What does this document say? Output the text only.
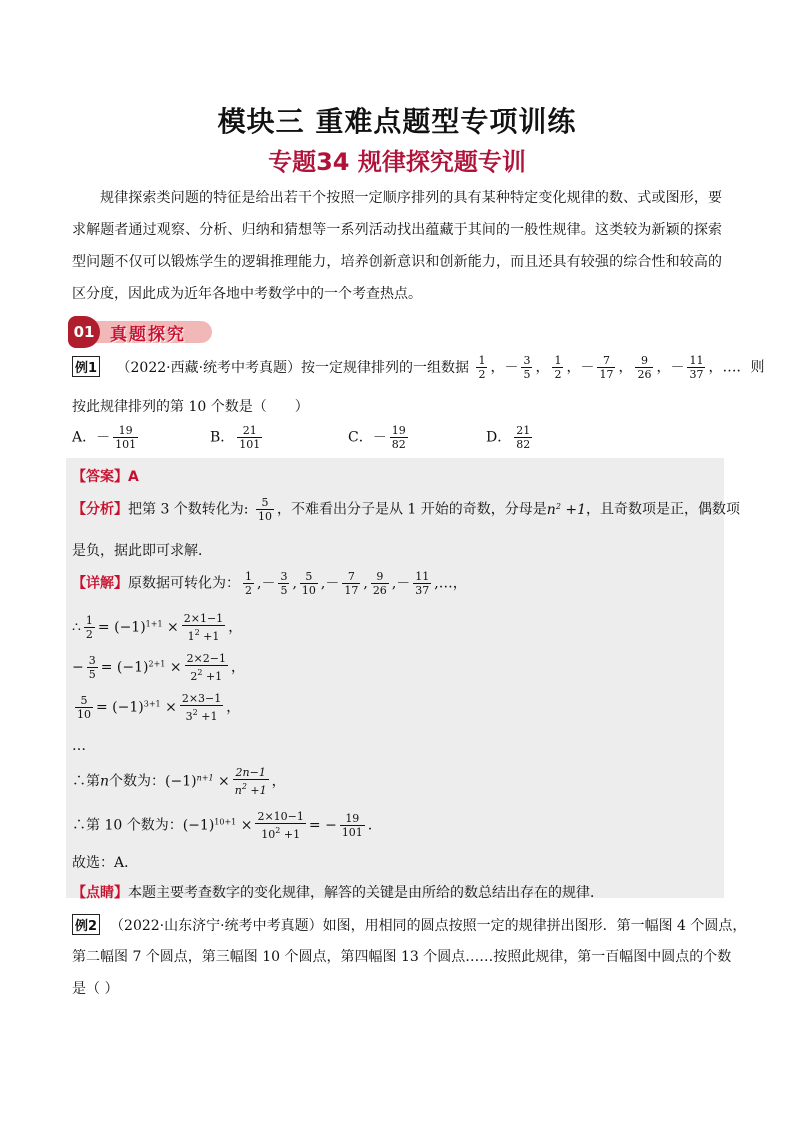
模块三 重难点题型专项训练
专题34 规律探究题专训
规律探索类问题的特征是给出若干个按照一定顺序排列的具有某种特定变化规律的数、式或图形，要求解题者通过观察、分析、归纳和猜想等一系列活动找出蕴藏于其间的一般性规律。这类较为新颖的探索型问题不仅可以锻炼学生的逻辑推理能力，培养创新意识和创新能力，而且还具有较强的综合性和较高的区分度，因此成为近年各地中考数学中的一个考查热点。
01 真题探究
例1 （2022·西藏·统考中考真题）按一定规律排列的一组数据 $\frac{1}{2}$ ，－ $\frac{3}{5}$ ， $\frac{1}{2}$ ，－ $\frac{7}{17}$ ， $\frac{9}{26}$ ，－ $\frac{11}{37}$ ，…．则
按此规律排列的第 10 个数是（　　）
A．－ $\frac{19}{101}$	B． $\frac{21}{101}$	C．－ $\frac{19}{82}$	D． $\frac{21}{82}$
【答案】A
【分析】把第 3 个数转化为: $\frac{5}{10}$ ，不难看出分子是从 1 开始的奇数，分母是$n^2 +1$，且奇数项是正，偶数项
是负，据此即可求解．
【详解】原数据可转化为： $\frac{1}{2}$ ,－ $\frac{3}{5}$ , $\frac{5}{10}$ ,－ $\frac{7}{17}$ , $\frac{9}{26}$ ,－ $\frac{11}{37}$ ,…，
∴ $\frac{1}{2} = (-1)^{1+1} \times \frac{2\times 1-1}{1^2 +1}$ ，
− $\frac{3}{5} = (-1)^{2+1} \times \frac{2\times 2-1}{2^2 +1}$ ，
$\frac{5}{10} = (-1)^{3+1} \times \frac{2\times 3-1}{3^2 +1}$ ，
…
∴第n个数为：$(-1)^{n+1} \times \frac{2n-1}{n^2 +1}$ ，
∴第 10 个数为：$(-1)^{10+1} \times \frac{2\times 10-1}{10^2 +1}$ = − $\frac{19}{101}$ ．
故选：A．
【点睛】本题主要考查数字的变化规律，解答的关键是由所给的数总结出存在的规律．
例2 （2022·山东济宁·统考中考真题）如图，用相同的圆点按照一定的规律拼出图形．第一幅图 4 个圆点，
第二幅图 7 个圆点，第三幅图 10 个圆点，第四幅图 13 个圆点……按照此规律，第一百幅图中圆点的个数
是（ ）
